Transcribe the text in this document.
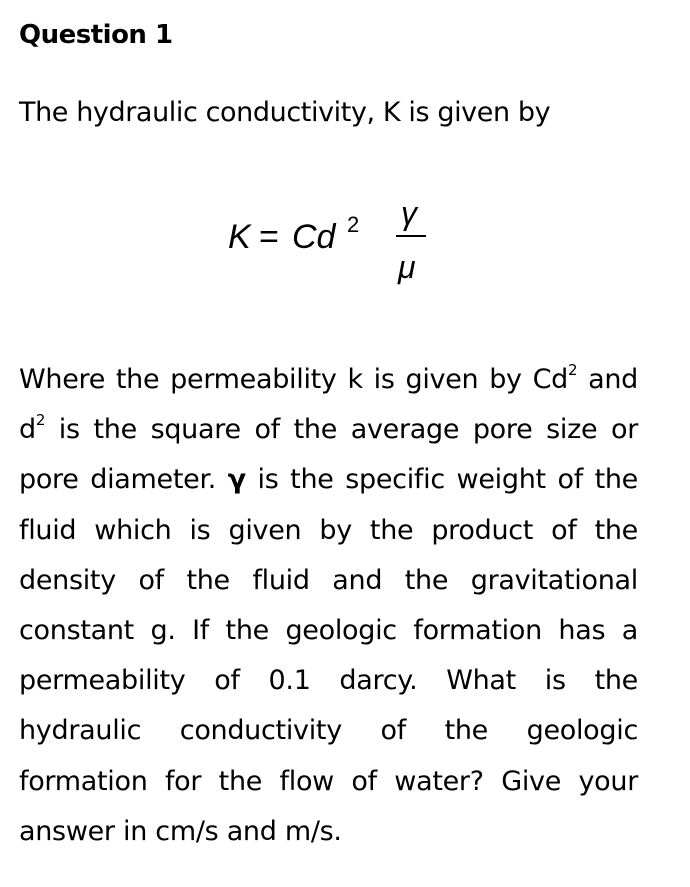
Question 1
The hydraulic conductivity, K is given by
K = Cd 2 γ
μ

Where the permeability k is given by Cd$^2$ and $d^2$ is the square of the average pore size or pore diameter. γ is the specific weight of the fluid which is given by the product of the density of the fluid and the gravitational constant g. If the geologic formation has a permeability of 0.1 darcy. What is the hydraulic conductivity of the geologic formation for the flow of water? Give your answer in cm/s and m/s.
